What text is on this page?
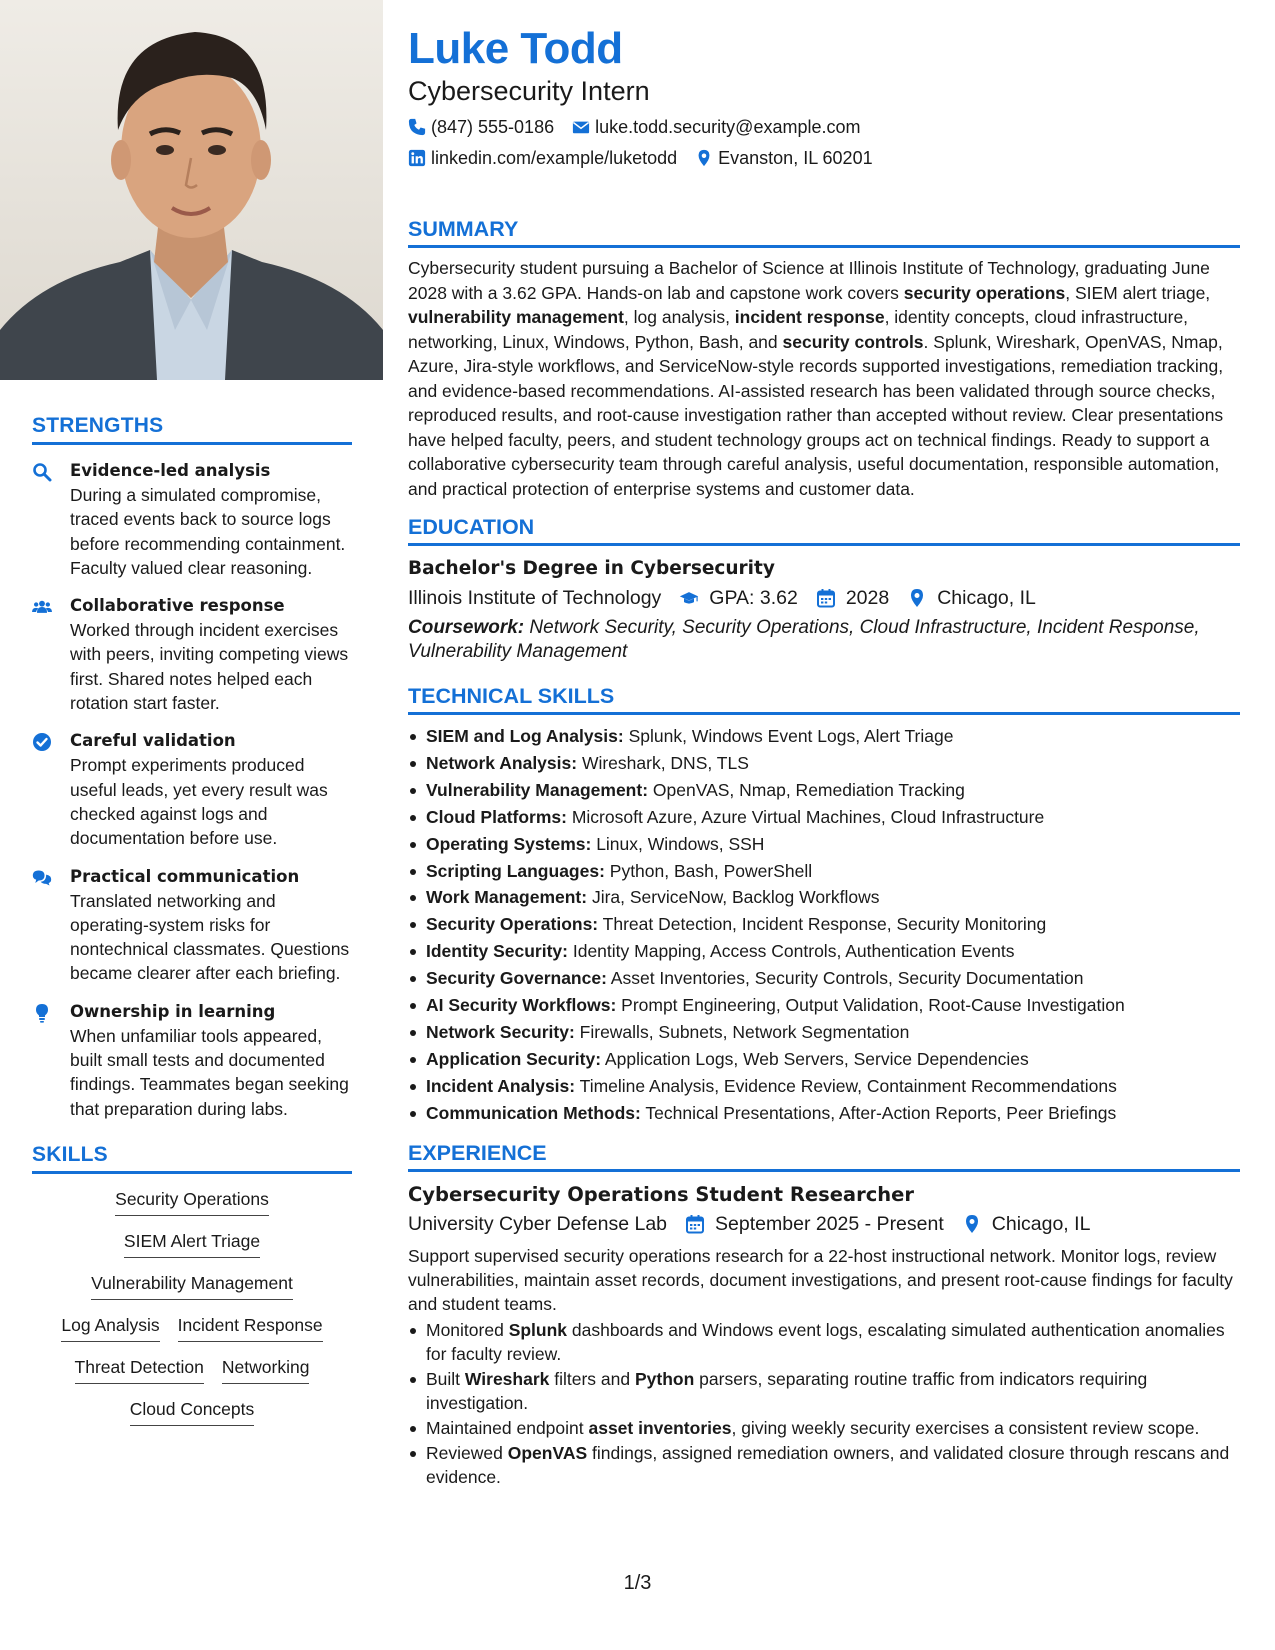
STRENGTHS
Evidence-led analysis
During a simulated compromise, traced events back to source logs before recommending containment. Faculty valued clear reasoning.
Collaborative response
Worked through incident exercises with peers, inviting competing views first. Shared notes helped each rotation start faster.
Careful validation
Prompt experiments produced useful leads, yet every result was checked against logs and documentation before use.
Practical communication
Translated networking and operating-system risks for nontechnical classmates. Questions became clearer after each briefing.
Ownership in learning
When unfamiliar tools appeared, built small tests and documented findings. Teammates began seeking that preparation during labs.
SKILLS
Security Operations
SIEM Alert Triage
Vulnerability Management
Log Analysis Incident Response
Threat Detection Networking
Cloud Concepts
Luke Todd
Cybersecurity Intern
(847) 555-0186 luke.todd.security@example.com
linkedin.com/example/luketodd Evanston, IL 60201
SUMMARY

Cybersecurity student pursuing a Bachelor of Science at Illinois Institute of Technology, graduating June 2028 with a 3.62 GPA. Hands-on lab and capstone work covers security operations, SIEM alert triage, vulnerability management, log analysis, incident response, identity concepts, cloud infrastructure, networking, Linux, Windows, Python, Bash, and security controls. Splunk, Wireshark, OpenVAS, Nmap, Azure, Jira-style workflows, and ServiceNow-style records supported investigations, remediation tracking, and evidence-based recommendations. AI-assisted research has been validated through source checks, reproduced results, and root-cause investigation rather than accepted without review. Clear presentations have helped faculty, peers, and student technology groups act on technical findings. Ready to support a collaborative cybersecurity team through careful analysis, useful documentation, responsible automation, and practical protection of enterprise systems and customer data.

EDUCATION
Bachelor's Degree in Cybersecurity
Illinois Institute of Technology GPA: 3.62 2028 Chicago, IL
Coursework: Network Security, Security Operations, Cloud Infrastructure, Incident Response, Vulnerability Management
TECHNICAL SKILLS
SIEM and Log Analysis: Splunk, Windows Event Logs, Alert Triage
Network Analysis: Wireshark, DNS, TLS
Vulnerability Management: OpenVAS, Nmap, Remediation Tracking
Cloud Platforms: Microsoft Azure, Azure Virtual Machines, Cloud Infrastructure
Operating Systems: Linux, Windows, SSH
Scripting Languages: Python, Bash, PowerShell
Work Management: Jira, ServiceNow, Backlog Workflows
Security Operations: Threat Detection, Incident Response, Security Monitoring
Identity Security: Identity Mapping, Access Controls, Authentication Events
Security Governance: Asset Inventories, Security Controls, Security Documentation
AI Security Workflows: Prompt Engineering, Output Validation, Root-Cause Investigation
Network Security: Firewalls, Subnets, Network Segmentation
Application Security: Application Logs, Web Servers, Service Dependencies
Incident Analysis: Timeline Analysis, Evidence Review, Containment Recommendations
Communication Methods: Technical Presentations, After-Action Reports, Peer Briefings
EXPERIENCE
Cybersecurity Operations Student Researcher
University Cyber Defense Lab September 2025 - Present Chicago, IL

Support supervised security operations research for a 22-host instructional network. Monitor logs, review vulnerabilities, maintain asset records, document investigations, and present root-cause findings for faculty and student teams.

Monitored Splunk dashboards and Windows event logs, escalating simulated authentication anomalies for faculty review.
Built Wireshark filters and Python parsers, separating routine traffic from indicators requiring investigation.
Maintained endpoint asset inventories, giving weekly security exercises a consistent review scope.
Reviewed OpenVAS findings, assigned remediation owners, and validated closure through rescans and evidence.
1/3
